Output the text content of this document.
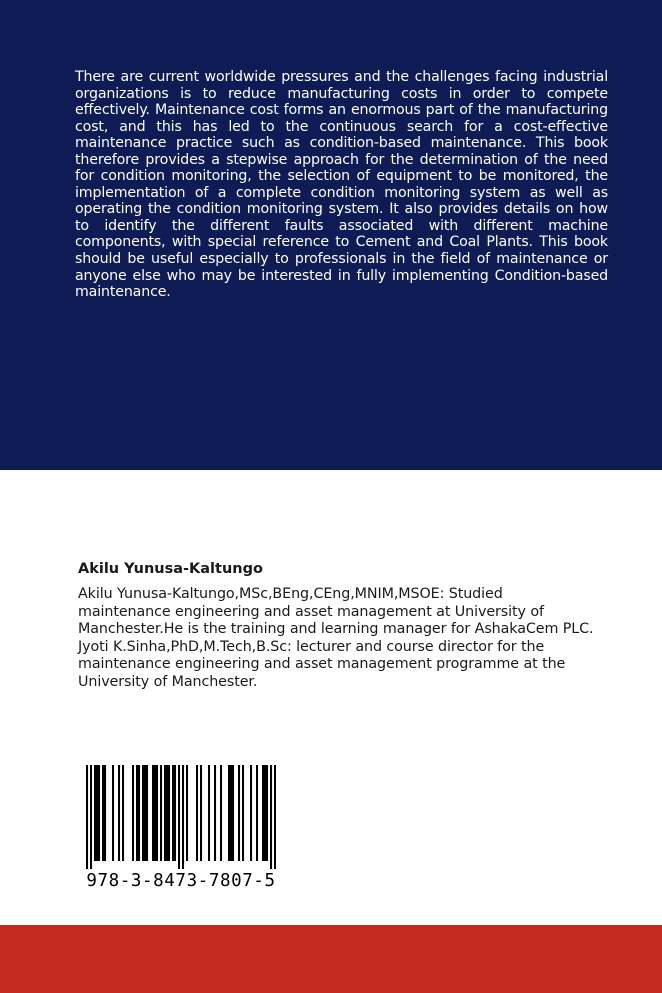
There are current worldwide pressures and the challenges facing industrial organizations is to reduce manufacturing costs in order to compete effectively. Maintenance cost forms an enormous part of the manufacturing cost, and this has led to the continuous search for a cost-effective maintenance practice such as condition-based maintenance. This book therefore provides a stepwise approach for the determination of the need for condition monitoring, the selection of equipment to be monitored, the implementation of a complete condition monitoring system as well as operating the condition monitoring system. It also provides details on how to identify the different faults associated with different machine components, with special reference to Cement and Coal Plants. This book should be useful especially to professionals in the field of maintenance or anyone else who may be interested in fully implementing Condition-based maintenance.

Akilu Yunusa-Kaltungo

Akilu Yunusa-Kaltungo,MSc,BEng,CEng,MNIM,MSOE: Studied maintenance engineering and asset management at University of Manchester.He is the training and learning manager for AshakaCem PLC. Jyoti K.Sinha,PhD,M.Tech,B.Sc: lecturer and course director for the maintenance engineering and asset management programme at the University of Manchester.

978-3-8473-7807-5
